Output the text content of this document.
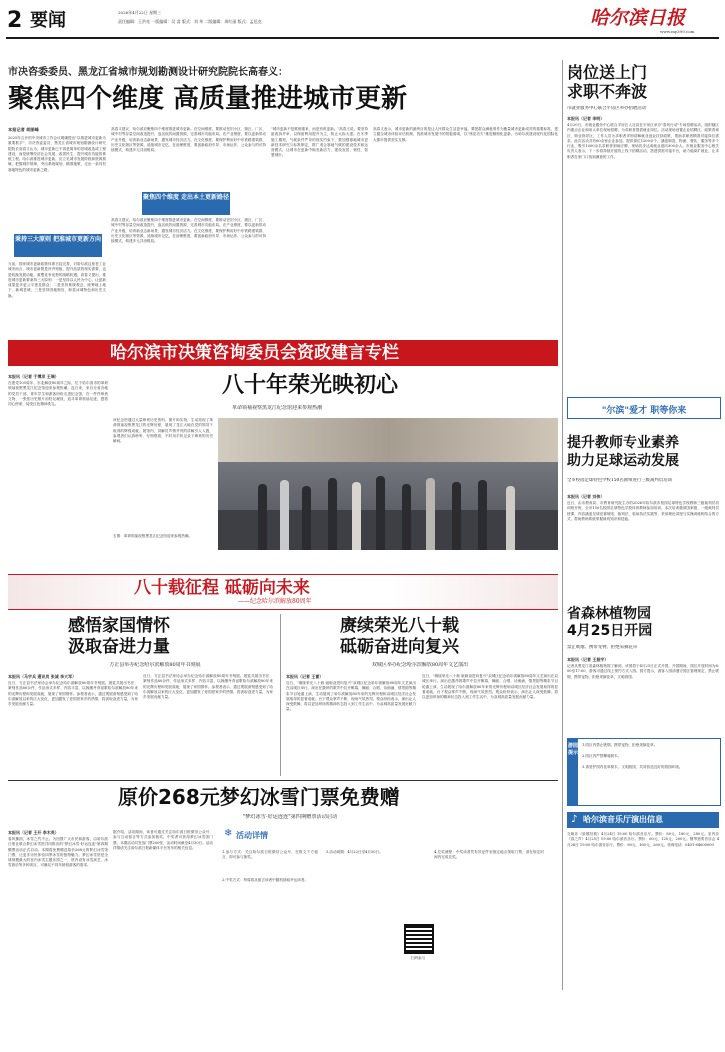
2 要闻	2026年4月22日 星期三
责任编辑：王洪亮 一版编辑：吴 睿 版式：刘 华 二版编辑：周红丽 版式：孟迅克	哈尔滨日报
www.my399.com
市决咨委委员、黑龙江省城市规划勘测设计研究院院长高春义：
聚焦四个维度 高质量推进城市更新
本报记者 胡丽峰
2025年召开的中央城市工作会议明确提出"以推进城市更新为重要抓手"，市决咨委委员、黑龙江省城市规划勘测设计研究院院长高春义认为，城市更新已不再是简单的旧城改造或工程建设，而是统筹经济社会发展、改善民生、提升城市功能的系统工程。哈尔滨推进城市更新，应立足城市发展阶段和资源禀赋，把握城市规律，突出系统谋划、精准施策，走出一条具有寒地特色的城市更新之路。
秉持三大原则 把准城市更新方向
当前，国家城市更新政策体系日趋完善，对哈尔滨这座老工业城市而言，城市更新既是补齐短板、提升品质的现实需要，也是转换发展动能、重塑竞争优势的战略机遇。高春义提出，推进城市更新要秉持三大原则：一是坚持以人民为中心，让更新成果更多更公平惠及群众；二是坚持系统观念，统筹地上地下、新城老城；三是坚持因地制宜，彰显冰城特色和历史文脉。
高春义建议，哈尔滨应聚焦四个维度推进城市更新。在空间维度，要推动老旧小区、街区、厂区、城中村等存量空间改造提升，盘活低效闲置资源，完善城市功能布局。在产业维度，要以更新带动产业升级，培育新业态新场景，激发城市经济活力。在文化维度，要保护利用好中东铁路建筑群、历史文化街区等资源，延续城市记忆。在治理维度，要创新政府引导、市场运作、公众参与的可持续模式，构建多元共治格局。
聚焦四个维度 走出本土更新路径
高春义建议，哈尔滨应聚焦四个维度推进城市更新。在空间维度，要推动老旧小区、街区、厂区、城中村等存量空间改造提升，盘活低效闲置资源，完善城市功能布局。在产业维度，要以更新带动产业升级，培育新业态新场景，激发城市经济活力。在文化维度，要保护利用好中东铁路建筑群、历史文化街区等资源，延续城市记忆。在治理维度，要创新政府引导、市场运作、公众参与的可持续模式，构建多元共治格局。
"城市更新不是推倒重来，而是有机更新。"高春义说，要坚持留改拆并举、以保留利用提升为主，防止大拆大建。在冬季施工期短、气候条件严苛的现实约束下，要加强寒地城市更新技术研究与标准制定，推广适合寒地气候的建设技术和运营模式，让城市在更新中焕发新活力，建设宜居、韧性、智慧城市。
高春义表示，城市更新的最终目的是让人民群众生活更幸福。要把群众满意度作为衡量城市更新成效的重要标准，建立健全城市体检评估机制，找准城市发展中的短板弱项，以"绣花功夫"推进精细化更新，为哈尔滨建设现代化国际化大都市提供坚实支撑。
岗位送上门
求职不奔波
市就业服务中心联合平房区举办招聘活动
本报讯（记者 李明）
4月20日，市就业服务中心联合平房区人社局在平房区举办"春风行动"专场招聘活动，组织辖区内重点企业和用人单位现场招聘，为求职者提供就业岗位。活动现场设置企业招聘区、政策咨询区、职业指导区，工作人员为求职者详细讲解就业创业扶持政策，帮助求职者精准对接岗位需求。此次活动共有60余家企业参加，提供岗位1200余个，涵盖制造、物流、餐饮、服务等多个行业，吸引1000余名求职者到场应聘，现场初步达成就业意向300余人。市就业服务中心相关负责人表示，下一步将持续开展线上线下招聘活动，搭建供需对接平台，助力稳岗扩就业，让求职者在家门口找到满意的工作。
"尔滨"爱才 职等你来
提升教师专业素养
助力足球运动发展
全市校园足球特色学校150名教师进行三级裁判员培训
本报讯（记者 刘伟）
近日，由市教育局、市教育研究院主办的2026年哈尔滨市校园足球特色学校教师三级裁判员培训班开班，全市150名校园足球特色学校体育教师参加培训。本次培训邀请国家级、一级裁判员授课，内容涵盖足球竞赛规则、裁判法、临场执法实践等，采用理论讲授与实操训练相结合的方式，帮助教师系统掌握裁判知识和技能。
省森林植物园
4月25日开园
禁止吸烟、携带宠物、拒绝采摘花草
本报讯（记者 王振宇）
记者从黑龙江省森林植物园了解到，该园将于4月25日正式开园。开园期间，园区开放时间为8:00至17:00，游客可通过线上预约方式入园。园方提示，游客入园请遵守园区管理规定，禁止吸烟、携带宠物，拒绝采摘花草，文明游园。
游园提示
1.园区内禁止吸烟，携带宠物，拒绝采摘花草。
2.园区内严禁攀爬树木。
3.请爱护园内花草树木，文明游园，共同营造良好的游园环境。
♪ 哈尔滨音乐厅演出信息
交响乐《致敬经典》4月24日 19:00 哈尔滨音乐厅。票价：80元、180元、280元。室内乐《春之声》4月25日 19:00 哈尔滨音乐厅。票价：60元、120元、200元。钢琴独奏音乐会 4月26日 19:00 哈尔滨音乐厅。票价：80元、160元、260元。咨询电话：0451-84600000
哈尔滨市决策咨询委员会资政建言专栏
本报讯（记者 于博洋 王瑞）
在建党105周年、东北解放80周年之际，位于哈尔滨市的革命领袖视察黑龙江纪念馆迎来参观热潮。连日来，来自全省各地的党员干部、青年学生和游客纷纷走进纪念馆，在一件件珍贵文物、一张张历史照片前驻足凝视，追寻革命领袖足迹，感悟初心使命，接受红色精神洗礼。
该纪念馆通过大量珍贵历史资料、图片和实物，生动再现了革命领袖视察黑龙江的光辉历程，展现了龙江大地在党的领导下取得的辉煌成就。展馆内，讲解员声情并茂的讲解引人入胜，参观者们认真聆听、仔细观看，不时用手机记录下珍贵的历史瞬间。
八十年荣光映初心
革命领袖视察黑龙江纪念馆迎来参观热潮
右图：革命领袖视察黑龙江纪念馆迎来参观热潮。
八十载征程 砥砺向未来
——纪念哈尔滨解放80周年
感悟家国情怀
汲取奋进力量
方正县举办纪念哈尔滨解放80周年书刻展
本报讯（马宇兵 通讯员 张诚 李大军）
近日，方正县书法家协会举办纪念哈尔滨解放80周年书刻展。展览共展出书法、篆刻作品80余件，作品形式多样、内容丰富，以翰墨丹青讴歌哈尔滨解放80年来的光辉历程和发展成就，展现了家国情怀。参观者表示，通过观展深刻感受到了哈尔滨解放以来的巨大变化，更加激发了爱国爱家乡的热情，将汲取奋进力量，为家乡发展贡献力量。
近日，方正县书法家协会举办纪念哈尔滨解放80周年书刻展。展览共展出书法、篆刻作品80余件，作品形式多样、内容丰富，以翰墨丹青讴歌哈尔滨解放80年来的光辉历程和发展成就，展现了家国情怀。参观者表示，通过观展深刻感受到了哈尔滨解放以来的巨大变化，更加激发了爱国爱家乡的热情，将汲取奋进力量，为家乡发展贡献力量。
赓续荣光八十载
砥砺奋进向复兴
双城区举办纪念哈尔滨解放80周年文艺演出
本报讯（记者 王雷）
近日，"赓续荣光八十载 砥砺奋进向复兴"双城区纪念哈尔滨解放80周年文艺演出在双城区举行。演出在激昂的歌声中拉开帷幕，舞蹈、合唱、诗朗诵、情景剧等精彩节目轮番上演，生动展现了哈尔滨解放80年来的光辉历程和双城区经济社会发展取得的显著成就。台下观众掌声不断，现场气氛热烈。观众纷纷表示，演出让人深受鼓舞，将以更加昂扬的精神状态投入到工作生活中，为双城高质量发展贡献力量。
近日，"赓续荣光八十载 砥砺奋进向复兴"双城区纪念哈尔滨解放80周年文艺演出在双城区举行。演出在激昂的歌声中拉开帷幕，舞蹈、合唱、诗朗诵、情景剧等精彩节目轮番上演，生动展现了哈尔滨解放80年来的光辉历程和双城区经济社会发展取得的显著成就。台下观众掌声不断，现场气氛热烈。观众纷纷表示，演出让人深受鼓舞，将以更加昂扬的精神状态投入到工作生活中，为双城高质量发展贡献力量。
原价268元梦幻冰雪门票免费赠
"梦幻冰雪·好运连连"第四期赠票活动启动
本报讯（记者 王开 李木英）
春风拂面，冰雪之约不止。为回馈广大市民和游客，由哈尔滨日报社联合梦幻冰雪馆共同推出的"梦幻冰雪·好运连连"第四期赠票活动正式启动。本期将免费赠送原价268元的梦幻冰雪馆门票，让更多市民体验四季冰雪的独特魅力。梦幻冰雪馆是全球规模最大的室内冰雪主题乐园之一，馆内设有冰雪演艺、冰雪游乐等多种项目，可满足不同年龄段游客的需求。
据介绍，活动期间，读者可通过关注哈尔滨日报微信公众号、参与互动留言等方式参加抽奖，中奖者可获得梦幻冰雪馆门票。本期活动共发放门票200张，活动时间截至4月30日。活动详情请关注哈尔滨日报新媒体平台发布的相关信息。
❄ 活动详情
1.参与方式：关注哈尔滨日报微信公众号，在推文下方留言，即可参与抽奖。
2.中奖方式：每周将从留言读者中随机抽取幸运读者。
3.活动周期：4月22日至4月30日。	4.兑奖流程：中奖读者凭有效证件至指定地点领取门票，请在规定时间内完成兑奖。
扫码参与
